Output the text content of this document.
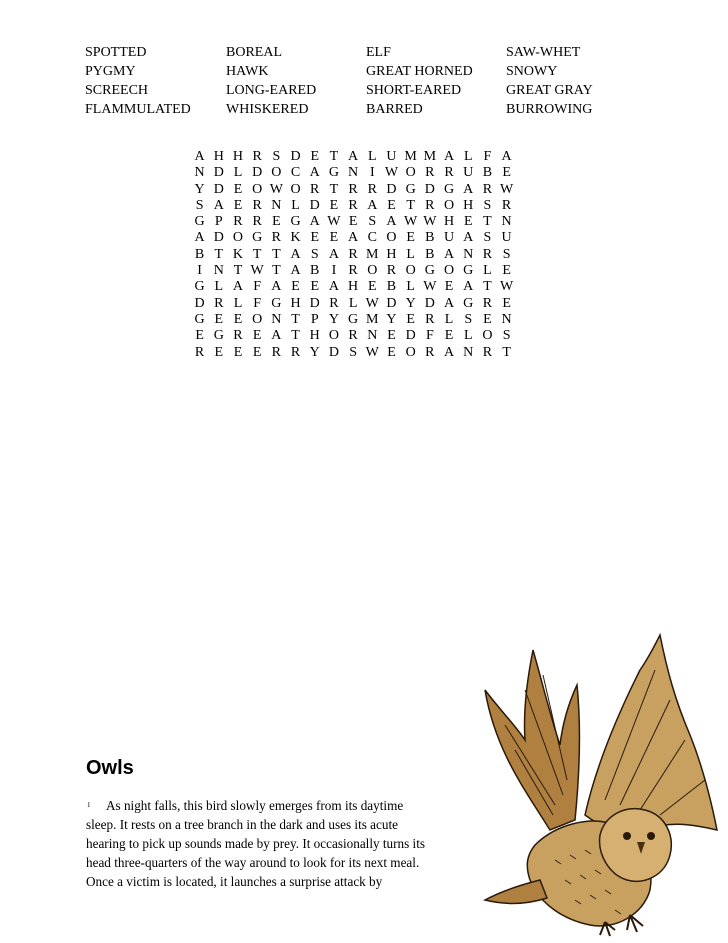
SPOTTED	BOREAL	ELF	SAW-WHET
PYGMY	HAWK	GREAT HORNED	SNOWY
SCREECH	LONG-EARED	SHORT-EARED	GREAT GRAY
FLAMMULATED	WHISKERED	BARRED	BURROWING
A H H R S D E T A L U M M A L F A
N D L D O C A G N I W O R R U B E
Y D E O W O R T R R D G D G A R W
S A E R N L D E R A E T R O H S R
G P R R E G A W E S A W W H E T N
A D O G R K E E A C O E B U A S U
B T K T T A S A R M H L B A N R S
I N T W T A B I R O R O G O G L E
G L A F A E E A H E B L W E A T W
D R L F G H D R L W D Y D A G R E
G E E O N T P Y G M Y E R L S E N
E G R E A T H O R N E D F E L O S
R E E E R R Y D S W E O R A N R T
Owls
1	As night falls, this bird slowly emerges from its daytime
sleep. It rests on a tree branch in the dark and uses its acute
hearing to pick up sounds made by prey. It occasionally turns its
head three-quarters of the way around to look for its next meal.
Once a victim is located, it launches a surprise attack by
